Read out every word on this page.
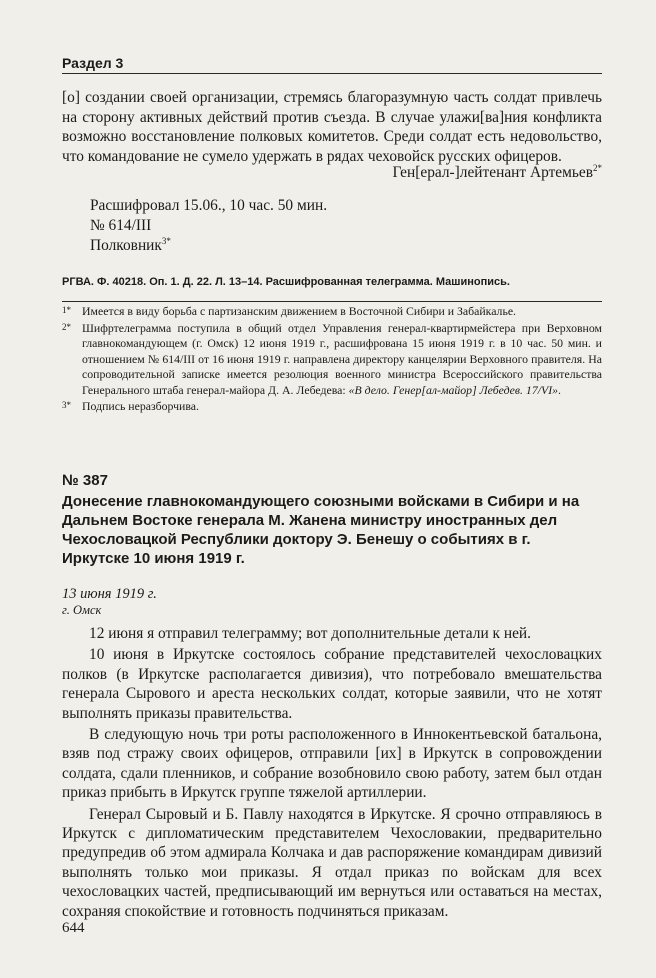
Раздел 3

[о] создании своей организации, стремясь благоразумную часть солдат привлечь на сторону активных действий против съезда. В случае улажи[ва]ния конфликта возможно восстановление полковых комитетов. Среди солдат есть недовольство, что командование не сумело удержать в рядах чеховойск русских офицеров.

Ген[ерал-]лейтенант Артемьев$^{2*}$
Расшифровал 15.06., 10 час. 50 мин.
№ 614/III
Полковник$^{3*}$
РГВА. Ф. 40218. Оп. 1. Д. 22. Л. 13–14. Расшифрованная телеграмма. Машинопись.
1* Имеется в виду борьба с партизанским движением в Восточной Сибири и Забайкалье.
2* Шифртелеграмма поступила в общий отдел Управления генерал-квартирмейстера при Верховном главнокомандующем (г. Омск) 12 июня 1919 г., расшифрована 15 июня 1919 г. в 10 час. 50 мин. и отношением № 614/III от 16 июня 1919 г. направлена директору канцелярии Верховного правителя. На сопроводительной записке имеется резолюция военного министра Всероссийского правительства Генерального штаба генерал-майора Д. А. Лебедева: «В дело. Генер[ал-майор] Лебедев. 17/VI».
3* Подпись неразборчива.
№ 387
Донесение главнокомандующего союзными войсками в Сибири и на Дальнем Востоке генерала М. Жанена министру иностранных дел Чехословацкой Республики доктору Э. Бенешу о событиях в г. Иркутске 10 июня 1919 г.
13 июня 1919 г.
г. Омск

12 июня я отправил телеграмму; вот дополнительные детали к ней.

10 июня в Иркутске состоялось собрание представителей чехословацких полков (в Иркутске располагается дивизия), что потребовало вмешательства генерала Сырового и ареста нескольких солдат, которые заявили, что не хотят выполнять приказы правительства.

В следующую ночь три роты расположенного в Иннокентьевской батальона, взяв под стражу своих офицеров, отправили [их] в Иркутск в сопровождении солдата, сдали пленников, и собрание возобновило свою работу, затем был отдан приказ прибыть в Иркутск группе тяжелой артиллерии.

Генерал Сыровый и Б. Павлу находятся в Иркутске. Я срочно отправляюсь в Иркутск с дипломатическим представителем Чехословакии, предварительно предупредив об этом адмирала Колчака и дав распоряжение командирам дивизий выполнять только мои приказы. Я отдал приказ по войскам для всех чехословацких частей, предписывающий им вернуться или оставаться на местах, сохраняя спокойствие и готовность подчиняться приказам.

644
